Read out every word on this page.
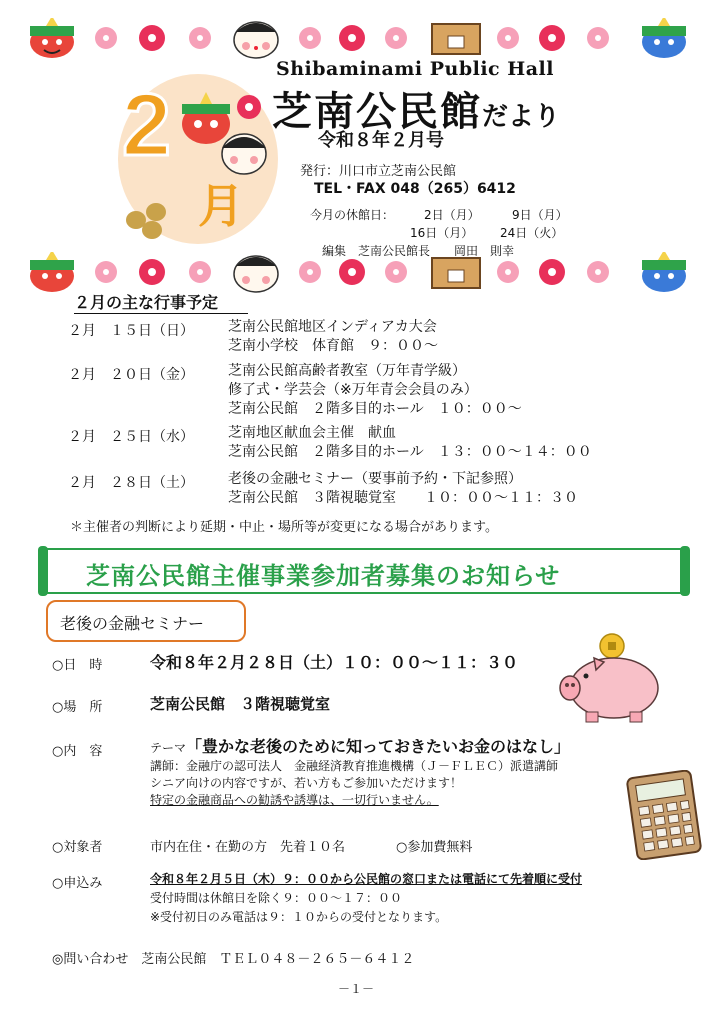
2
月
Shibaminami Public Hall
芝南公民館だより
令和８年２月号
発行：川口市立芝南公民館
TEL・FAX 048（265）6412
今月の休館日： 2日（月）	9日（月）
16日（月） 24日（火）
編集　芝南公民館長　　岡田　則幸
２月の主な行事予定
２月　１５日（日） 芝南公民館地区インディアカ大会
芝南小学校　体育館　９：００〜
２月　２０日（金） 芝南公民館高齢者教室（万年青学級）
修了式・学芸会（※万年青会会員のみ）
芝南公民館　２階多目的ホール　１０：００〜
２月　２５日（水） 芝南地区献血会主催　献血
芝南公民館　２階多目的ホール　１３：００〜１４：００
２月　２８日（土） 老後の金融セミナー（要事前予約・下記参照）
芝南公民館　３階視聴覚室　　１０：００〜１１：３０
＊主催者の判断により延期・中止・場所等が変更になる場合があります。
芝南公民館主催事業参加者募集のお知らせ
老後の金融セミナー
○日　時	令和８年２月２８日（土）１０：００〜１１：３０
○場　所	芝南公民館　３階視聴覚室
○内　容	テーマ「豊かな老後のために知っておきたいお金のはなし」
講師：金融庁の認可法人　金融経済教育推進機構（Ｊ－ＦＬＥＣ）派遣講師
シニア向けの内容ですが、若い方もご参加いただけます！
特定の金融商品への勧誘や誘導は、一切行いません。
○対象者	市内在住・在勤の方　先着１０名	○参加費無料
○申込み	令和８年２月５日（木）９：００から公民館の窓口または電話にて先着順に受付
受付時間は休館日を除く９：００〜１７：００
※受付初日のみ電話は９：１０からの受付となります。
◎問い合わせ　芝南公民館　ＴＥＬ０４８－２６５－６４１２
－１－
